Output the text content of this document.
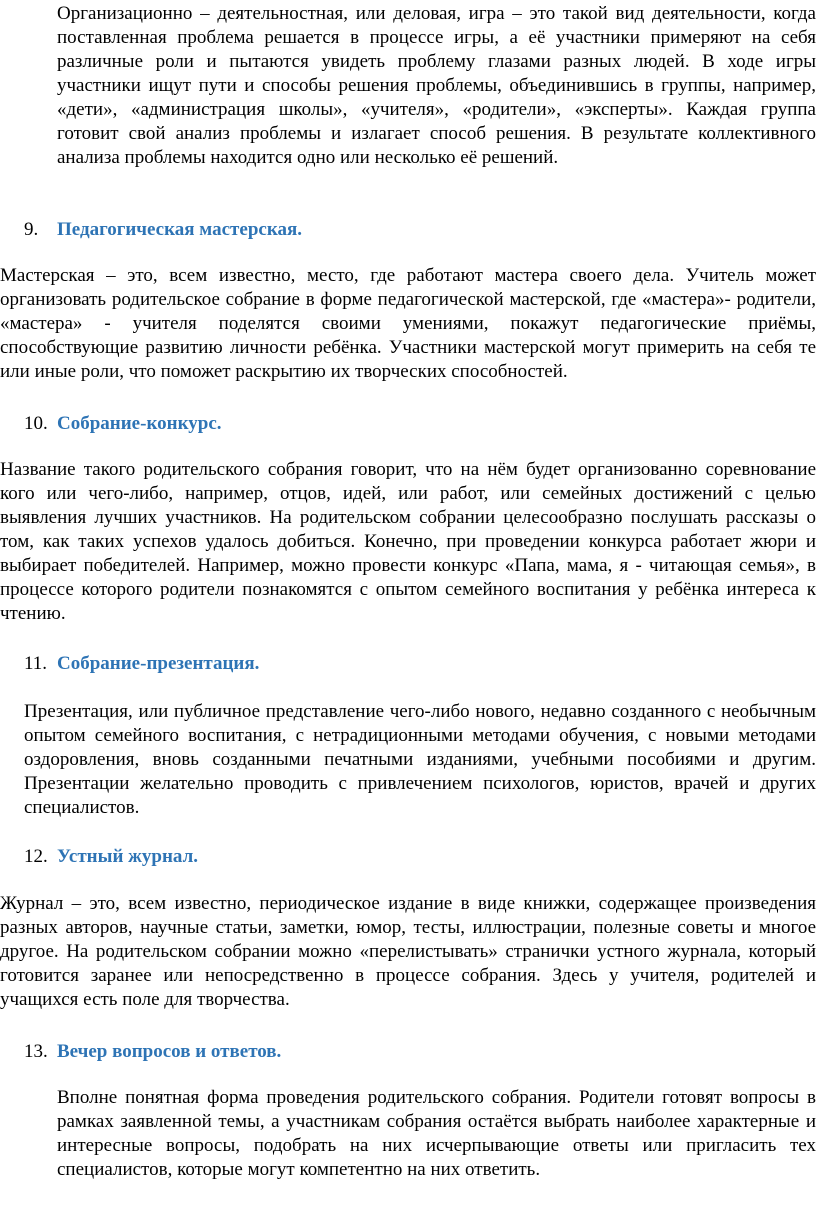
Организационно – деятельностная, или деловая, игра – это такой вид деятельности, когда поставленная проблема решается в процессе игры, а её участники примеряют на себя различные роли и пытаются увидеть проблему глазами разных людей. В ходе игры участники ищут пути и способы решения проблемы, объединившись в группы, например, «дети», «администрация школы», «учителя», «родители», «эксперты». Каждая группа готовит свой анализ проблемы и излагает способ решения. В результате коллективного анализа проблемы находится одно или несколько её решений.

9. Педагогическая мастерская.

Мастерская – это, всем известно, место, где работают мастера своего дела. Учитель может организовать родительское собрание в форме педагогической мастерской, где «мастера»- родители, «мастера» - учителя поделятся своими умениями, покажут педагогические приёмы, способствующие развитию личности ребёнка. Участники мастерской могут примерить на себя те или иные роли, что поможет раскрытию их творческих способностей.

10. Собрание-конкурс.

Название такого родительского собрания говорит, что на нём будет организованно соревнование кого или чего-либо, например, отцов, идей, или работ, или семейных достижений с целью выявления лучших участников. На родительском собрании целесообразно послушать рассказы о том, как таких успехов удалось добиться. Конечно, при проведении конкурса работает жюри и выбирает победителей. Например, можно провести конкурс «Папа, мама, я - читающая семья», в процессе которого родители познакомятся с опытом семейного воспитания у ребёнка интереса к чтению.

11. Собрание-презентация.

Презентация, или публичное представление чего-либо нового, недавно созданного с необычным опытом семейного воспитания, с нетрадиционными методами обучения, с новыми методами оздоровления, вновь созданными печатными изданиями, учебными пособиями и другим. Презентации желательно проводить с привлечением психологов, юристов, врачей и других специалистов.

12. Устный журнал.

Журнал – это, всем известно, периодическое издание в виде книжки, содержащее произведения разных авторов, научные статьи, заметки, юмор, тесты, иллюстрации, полезные советы и многое другое. На родительском собрании можно «перелистывать» странички устного журнала, который готовится заранее или непосредственно в процессе собрания. Здесь у учителя, родителей и учащихся есть поле для творчества.

13. Вечер вопросов и ответов.

Вполне понятная форма проведения родительского собрания. Родители готовят вопросы в рамках заявленной темы, а участникам собрания остаётся выбрать наиболее характерные и интересные вопросы, подобрать на них исчерпывающие ответы или пригласить тех специалистов, которые могут компетентно на них ответить.
